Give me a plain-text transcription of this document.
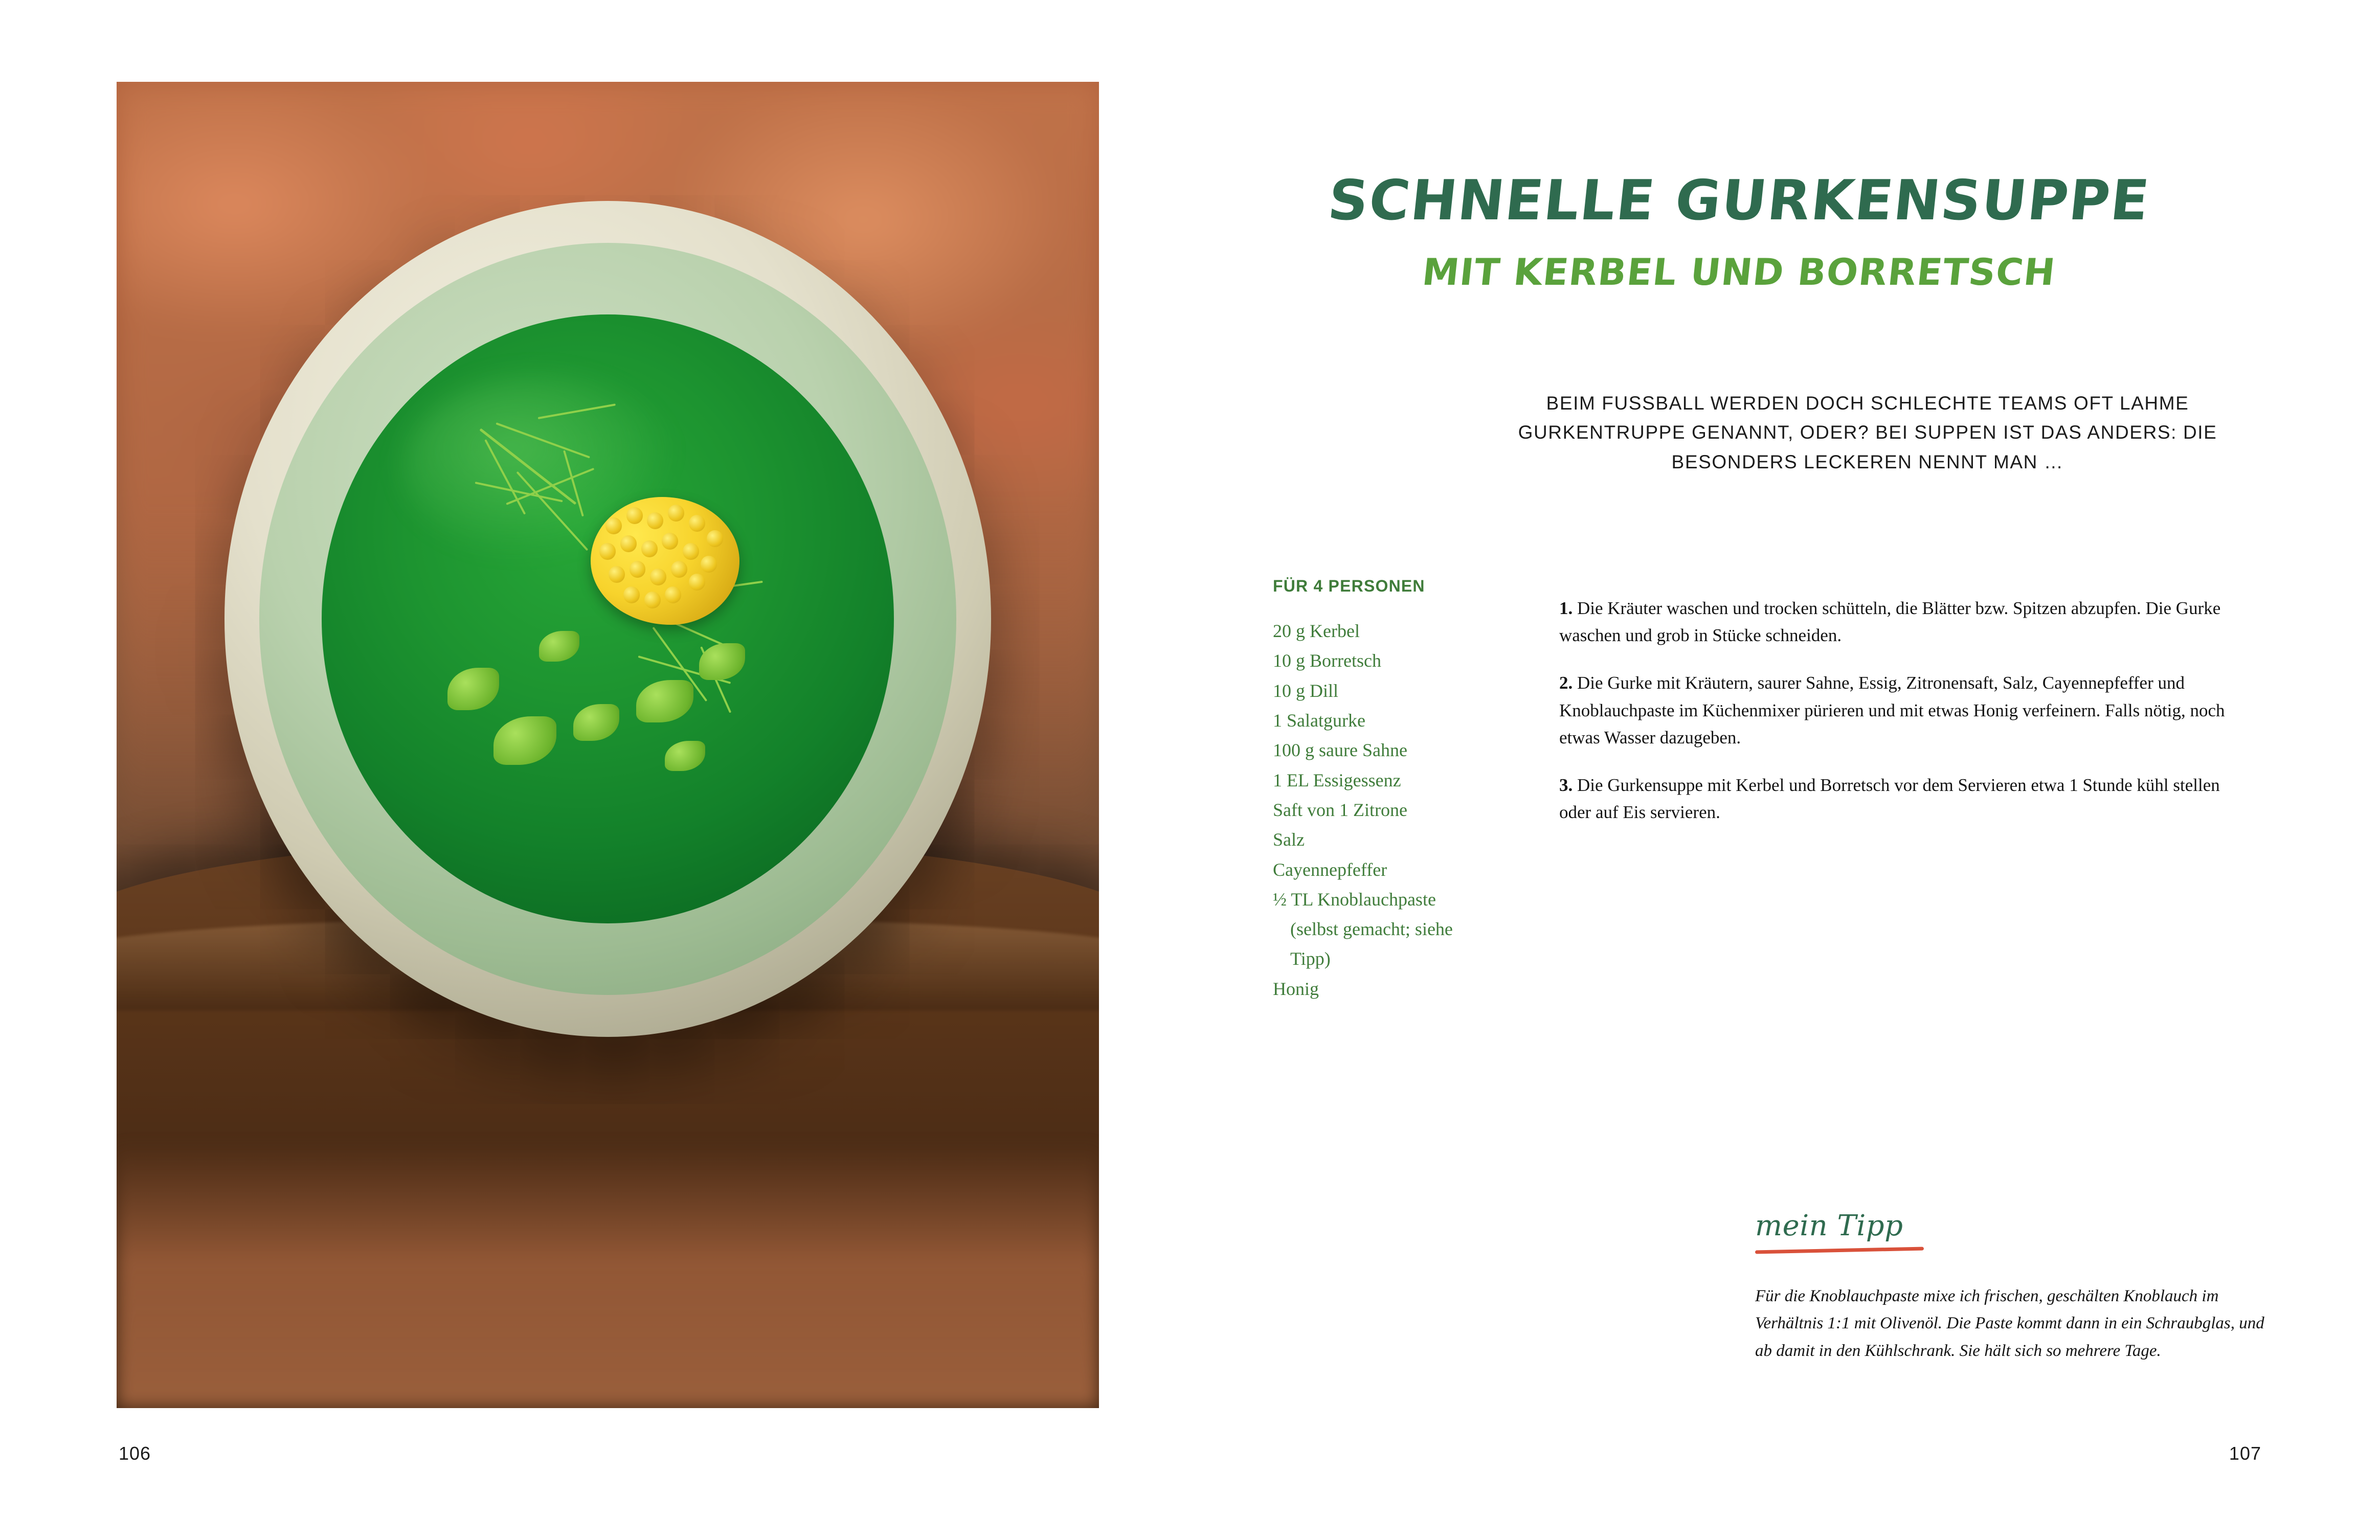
106
SCHNELLE GURKENSUPPE
MIT KERBEL UND BORRETSCH
BEIM FUSSBALL WERDEN DOCH SCHLECHTE TEAMS OFT LAHME GURKENTRUPPE GENANNT, ODER? BEI SUPPEN IST DAS ANDERS: DIE BESONDERS LECKEREN NENNT MAN …
FÜR 4 PERSONEN
20 g Kerbel
10 g Borretsch
10 g Dill
1 Salatgurke
100 g saure Sahne
1 EL Essigessenz
Saft von 1 Zitrone
Salz
Cayennepfeffer
½ TL Knoblauchpaste
(selbst gemacht; siehe
Tipp)
Honig

1. Die Kräuter waschen und trocken schütteln, die Blätter bzw. Spitzen abzupfen. Die Gurke waschen und grob in Stücke schneiden.

2. Die Gurke mit Kräutern, saurer Sahne, Essig, Zitronensaft, Salz, Cayennepfeffer und Knoblauchpaste im Küchenmixer pürieren und mit etwas Honig verfeinern. Falls nötig, noch etwas Wasser dazugeben.

3. Die Gurkensuppe mit Kerbel und Borretsch vor dem Servieren etwa 1 Stunde kühl stellen oder auf Eis servieren.

mein Tipp
Für die Knoblauchpaste mixe ich frischen, geschälten Knoblauch im Verhältnis 1:1 mit Olivenöl. Die Paste kommt dann in ein Schraubglas, und ab damit in den Kühlschrank. Sie hält sich so mehrere Tage.
107
